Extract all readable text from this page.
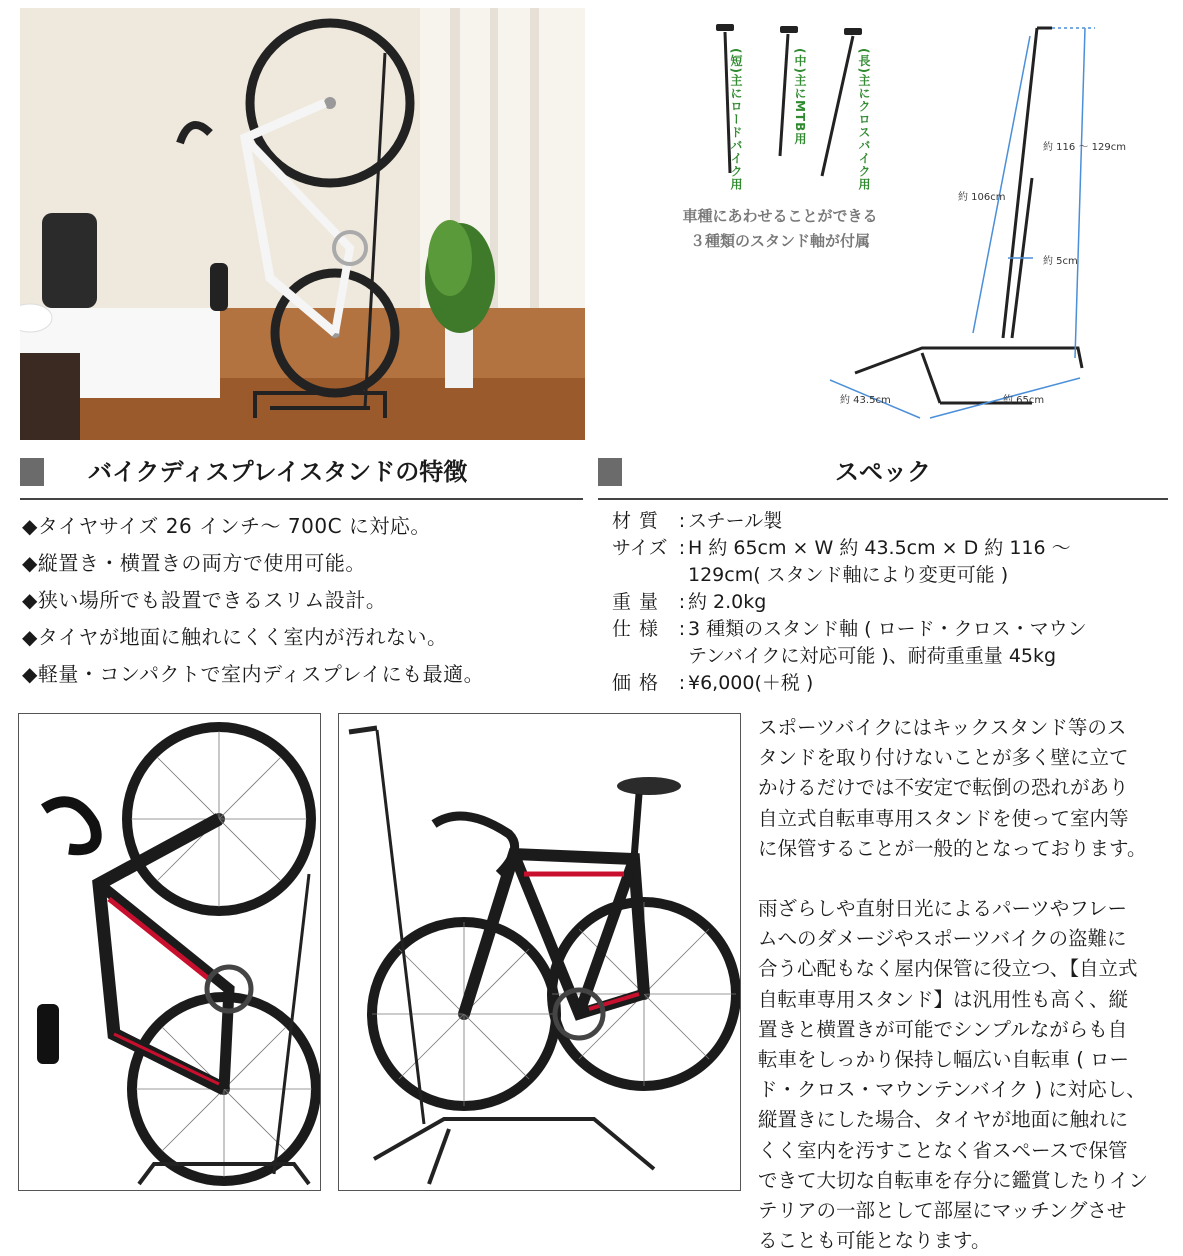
(短)主にロードバイク用	(中)主にMTB用	(長)主にクロスバイク用
車種にあわせることができる
３種類のスタンド軸が付属
約 116 〜 129cm
約 106cm
約 5cm
約 43.5cm	約 65cm
バイクディスプレイスタンドの特徴	スペック
◆タイヤサイズ 26 インチ〜 700C に対応。
◆縦置き・横置きの両方で使用可能。
◆狭い場所でも設置できるスリム設計。
◆タイヤが地面に触れにくく室内が汚れない。
◆軽量・コンパクトで室内ディスプレイにも最適。
材質 : スチール製
サイズ : H 約 65cm × W 約 43.5cm × D 約 116 〜
129cm( スタンド軸により変更可能 )
重量 : 約 2.0kg
仕様 : 3 種類のスタンド軸 ( ロード・クロス・マウン
テンバイクに対応可能 )、耐荷重重量 45kg
価格 : ¥6,000(＋税 )
スポーツバイクにはキックスタンド等のス
タンドを取り付けないことが多く壁に立て
かけるだけでは不安定で転倒の恐れがあり
自立式自転車専用スタンドを使って室内等
に保管することが一般的となっております。
雨ざらしや直射日光によるパーツやフレー
ムへのダメージやスポーツバイクの盗難に
合う心配もなく屋内保管に役立つ、【自立式
自転車専用スタンド】は汎用性も高く、縦
置きと横置きが可能でシンプルながらも自
転車をしっかり保持し幅広い自転車 ( ロー
ド・クロス・マウンテンバイク ) に対応し、
縦置きにした場合、タイヤが地面に触れに
くく室内を汚すことなく省スペースで保管
できて大切な自転車を存分に鑑賞したりイン
テリアの一部として部屋にマッチングさせ
ることも可能となります。
